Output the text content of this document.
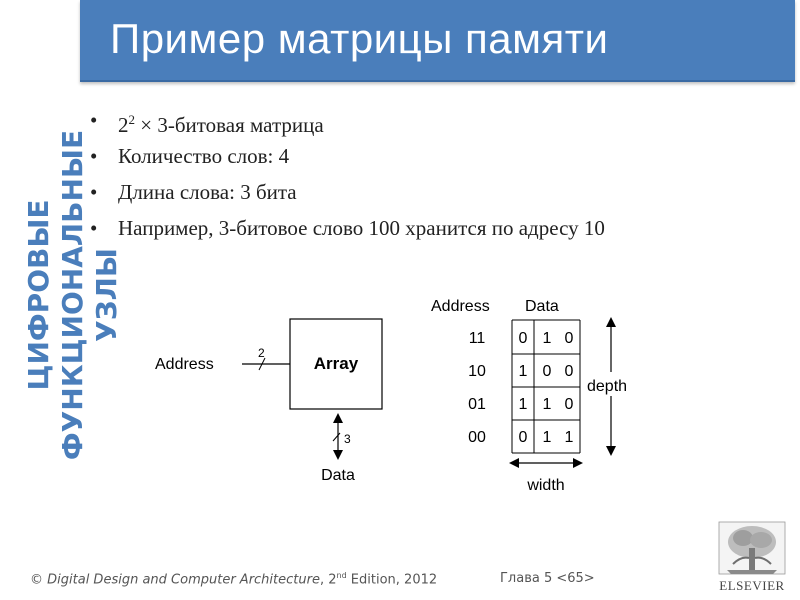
Пример матрицы памяти
ЦИФРОВЫЕ ФУНКЦИОНАЛЬНЫЕ УЗЛЫ
• $2^2$ × 3-битовая матрица
• Количество слов: 4
• Длина слова: 3 бита
• Например, 3-битовое слово 100 хранится по адресу 10
Array
Address
2
3
Data
Address Data
11 0 1 0
10 1 0 0
01 1 1 0
00 0 1 1
depth
width
© Digital Design and Computer Architecture, 2nd Edition, 2012	Глава 5 <65>	ELSEVIER
